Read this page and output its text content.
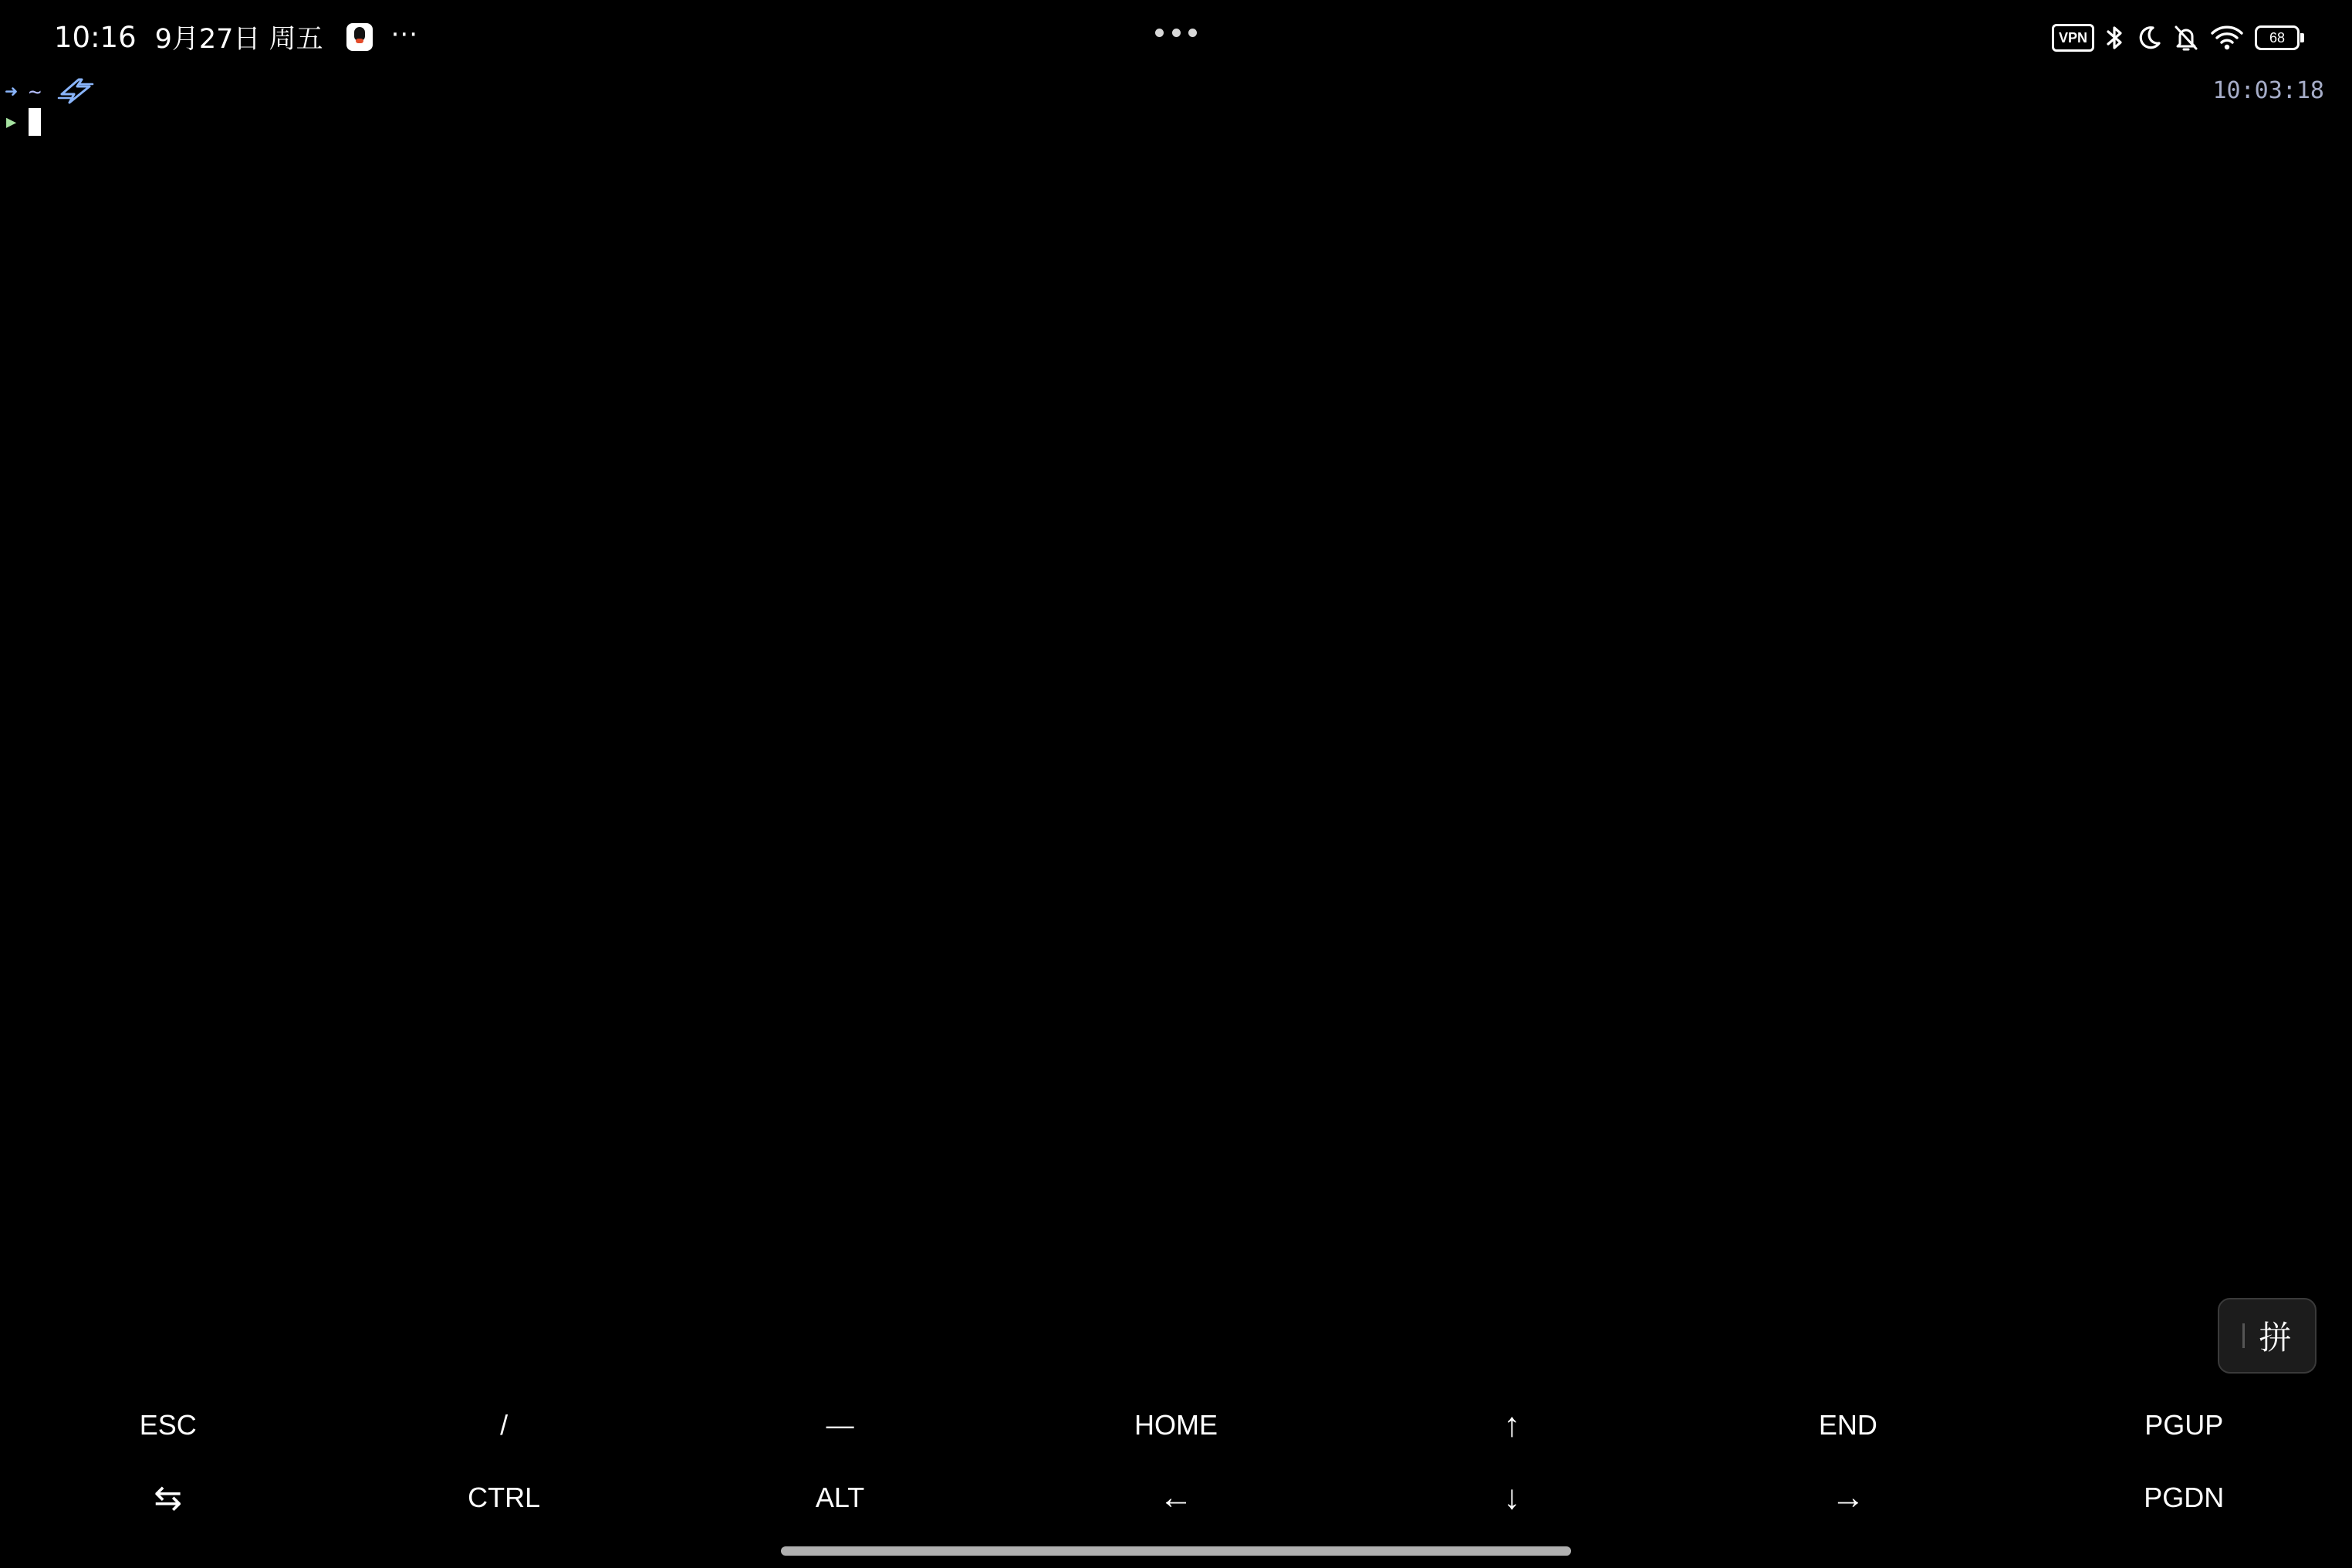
10:16 9月27日 周五	···	VPN	68
➜ ~
▶
10:03:18
拼
ESC	/	—	HOME	↑	END	PGUP
⇆	CTRL	ALT	←	↓	→	PGDN
